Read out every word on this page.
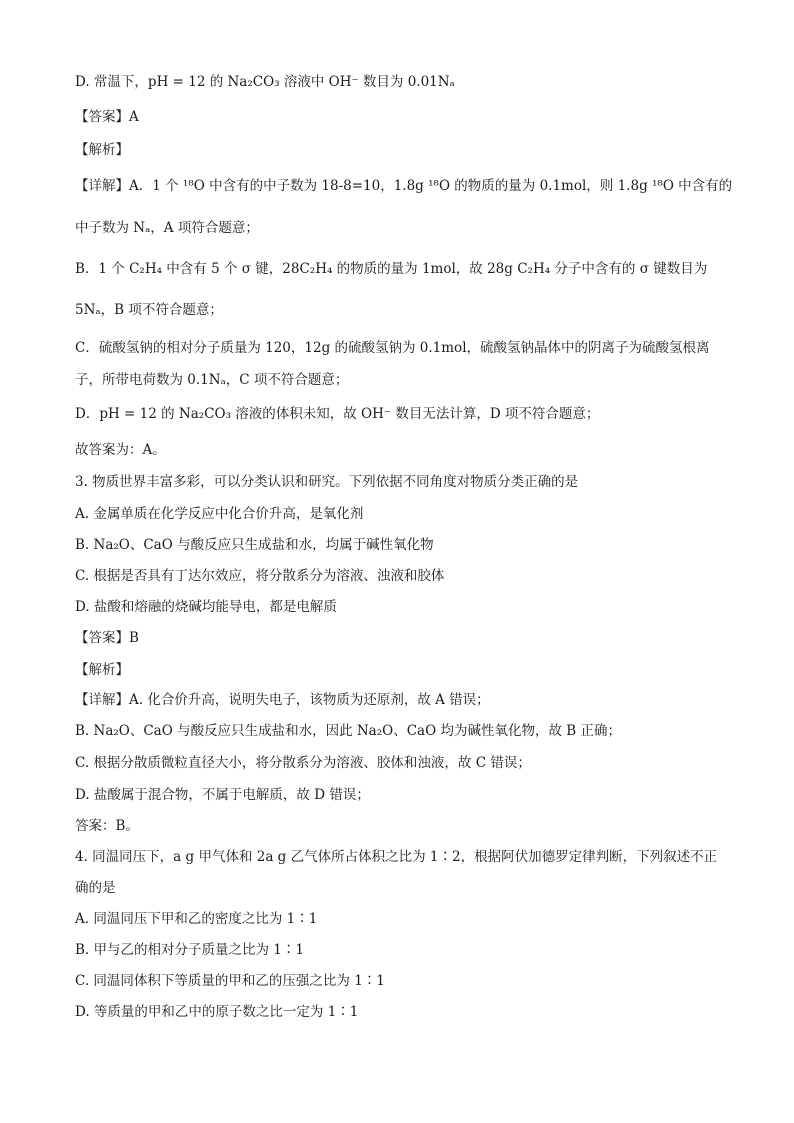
D. 常温下，pH = 12 的 Na₂CO₃ 溶液中 OH⁻ 数目为 0.01Nₐ
【答案】A
【解析】
【详解】A．1 个 ¹⁸O 中含有的中子数为 18-8=10，1.8g ¹⁸O 的物质的量为 0.1mol，则 1.8g ¹⁸O 中含有的
中子数为 Nₐ，A 项符合题意；
B．1 个 C₂H₄ 中含有 5 个 σ 键，28C₂H₄ 的物质的量为 1mol，故 28g C₂H₄ 分子中含有的 σ 键数目为
5Nₐ，B 项不符合题意；
C．硫酸氢钠的相对分子质量为 120，12g 的硫酸氢钠为 0.1mol，硫酸氢钠晶体中的阴离子为硫酸氢根离
子，所带电荷数为 0.1Nₐ，C 项不符合题意；
D．pH = 12 的 Na₂CO₃ 溶液的体积未知，故 OH⁻ 数目无法计算，D 项不符合题意；
故答案为：A。
3. 物质世界丰富多彩，可以分类认识和研究。下列依据不同角度对物质分类正确的是
A. 金属单质在化学反应中化合价升高，是氧化剂
B. Na₂O、CaO 与酸反应只生成盐和水，均属于碱性氧化物
C. 根据是否具有丁达尔效应，将分散系分为溶液、浊液和胶体
D. 盐酸和熔融的烧碱均能导电，都是电解质
【答案】B
【解析】
【详解】A. 化合价升高，说明失电子，该物质为还原剂，故 A 错误；
B. Na₂O、CaO 与酸反应只生成盐和水，因此 Na₂O、CaO 均为碱性氧化物，故 B 正确；
C. 根据分散质微粒直径大小，将分散系分为溶液、胶体和浊液，故 C 错误；
D. 盐酸属于混合物，不属于电解质，故 D 错误；
答案：B。
4. 同温同压下，a g 甲气体和 2a g 乙气体所占体积之比为 1∶2，根据阿伏加德罗定律判断，下列叙述不正
确的是
A. 同温同压下甲和乙的密度之比为 1∶1
B. 甲与乙的相对分子质量之比为 1∶1
C. 同温同体积下等质量的甲和乙的压强之比为 1∶1
D. 等质量的甲和乙中的原子数之比一定为 1∶1
